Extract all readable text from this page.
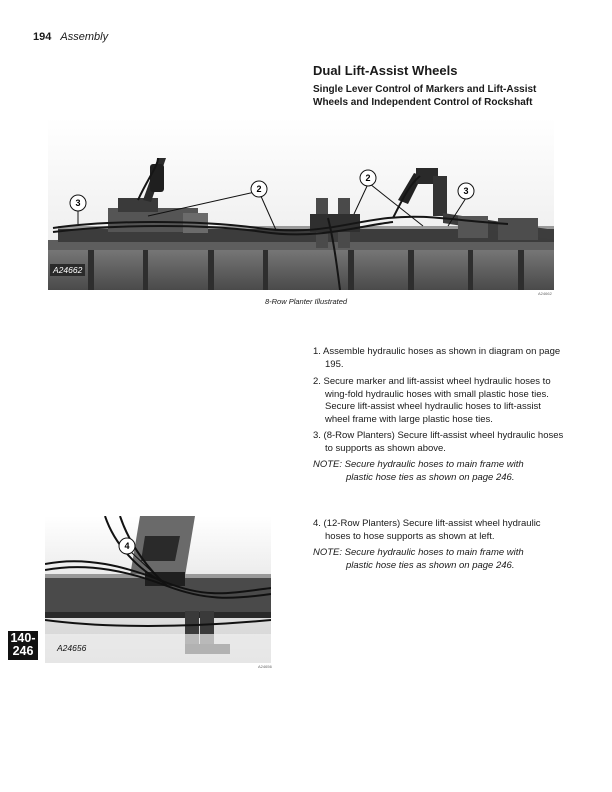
194 Assembly
Dual Lift-Assist Wheels
Single Lever Control of Markers and Lift-Assist Wheels and Independent Control of Rockshaft
3
2
2
3
A24662
A24662
8-Row Planter Illustrated
1. Assemble hydraulic hoses as shown in diagram on page 195.
2. Secure marker and lift-assist wheel hydraulic hoses to wing-fold hydraulic hoses with small plastic hose ties. Secure lift-assist wheel hydraulic hoses to lift-assist wheel frame with large plastic hose ties.
3. (8-Row Planters) Secure lift-assist wheel hydraulic hoses to supports as shown above.
NOTE: Secure hydraulic hoses to main frame with
plastic hose ties as shown on page 246.
4. (12-Row Planters) Secure lift-assist wheel hydraulic hoses to hose supports as shown at left.
NOTE: Secure hydraulic hoses to main frame with
plastic hose ties as shown on page 246.
4
A24656
A24656
140-
246
